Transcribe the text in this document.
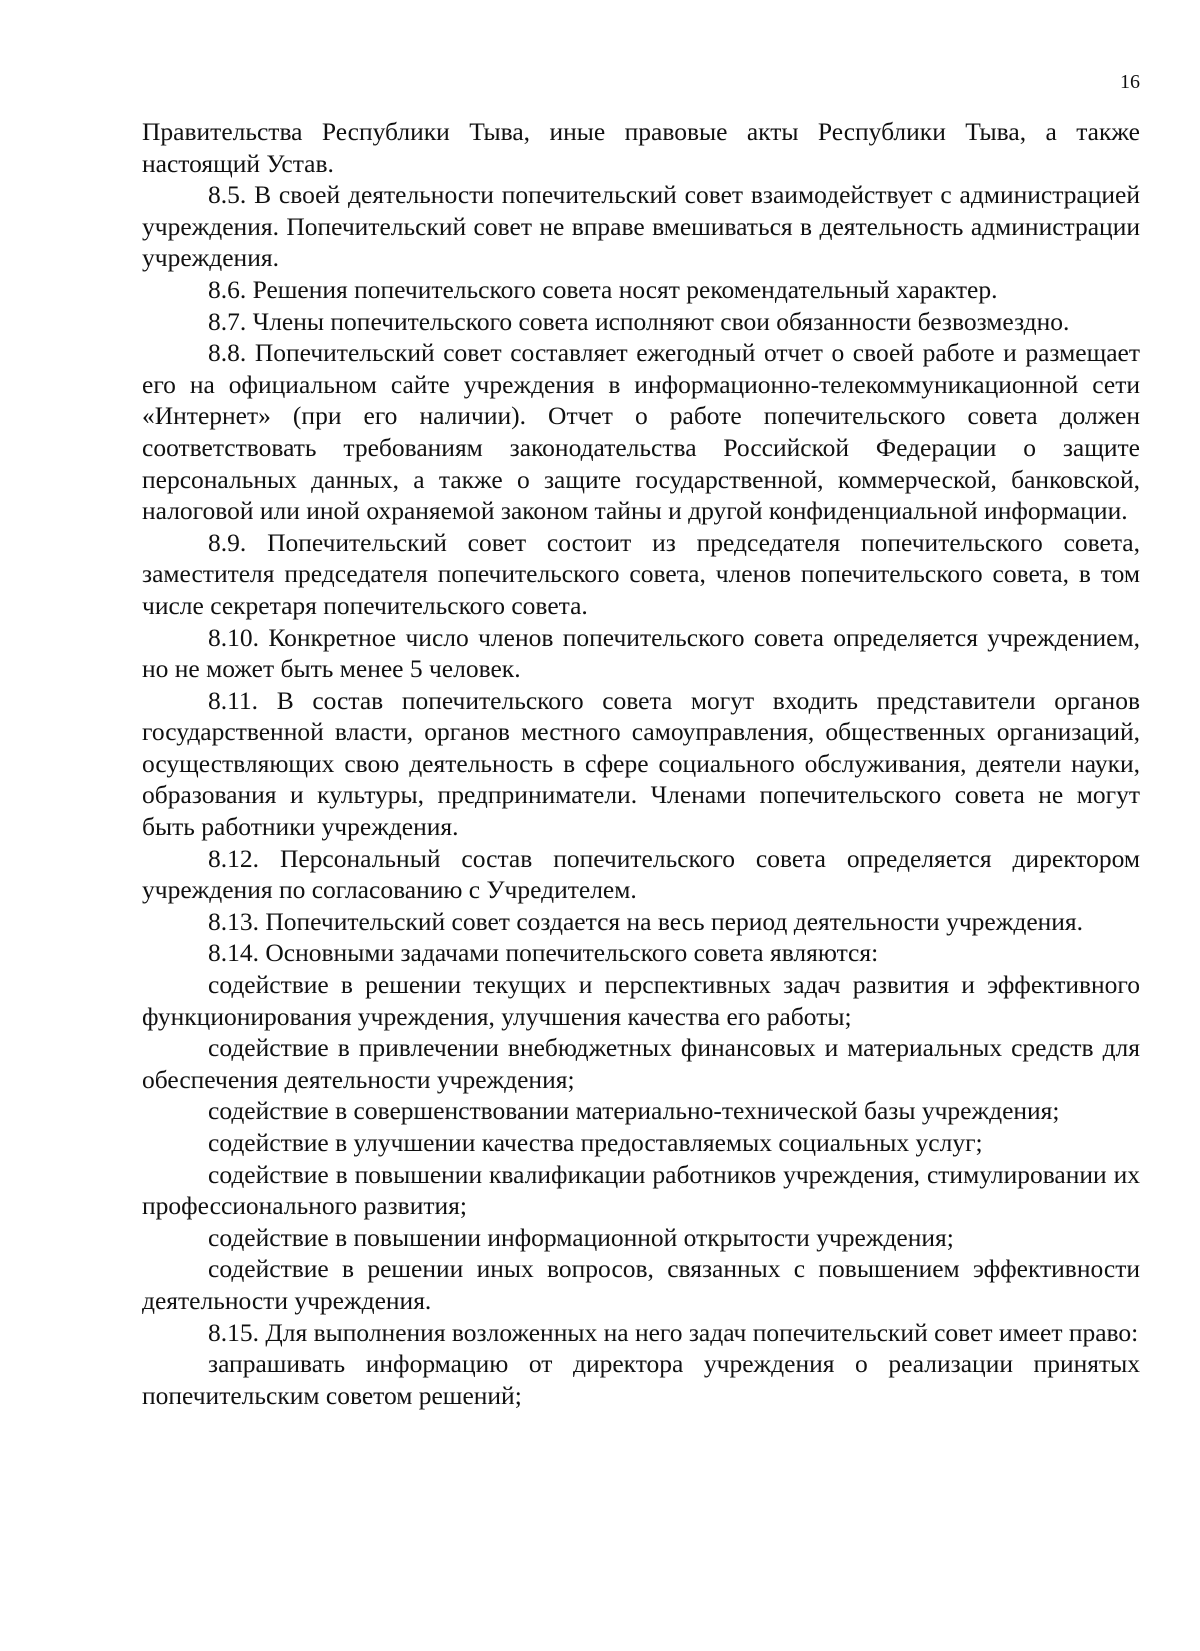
16

Правительства Республики Тыва, иные правовые акты Республики Тыва, а также настоящий Устав.

8.5. В своей деятельности попечительский совет взаимодействует с администрацией учреждения. Попечительский совет не вправе вмешиваться в деятельность администрации учреждения.

8.6. Решения попечительского совета носят рекомендательный характер.

8.7. Члены попечительского совета исполняют свои обязанности безвозмездно.

8.8. Попечительский совет составляет ежегодный отчет о своей работе и размещает его на официальном сайте учреждения в информационно-телекоммуникационной сети «Интернет» (при его наличии). Отчет о работе попечительского совета должен соответствовать требованиям законодательства Российской Федерации о защите персональных данных, а также о защите государственной, коммерческой, банковской, налоговой или иной охраняемой законом тайны и другой конфиденциальной информации.

8.9. Попечительский совет состоит из председателя попечительского совета, заместителя председателя попечительского совета, членов попечительского совета, в том числе секретаря попечительского совета.

8.10. Конкретное число членов попечительского совета определяется учреждением, но не может быть менее 5 человек.

8.11. В состав попечительского совета могут входить представители органов государственной власти, органов местного самоуправления, общественных организаций, осуществляющих свою деятельность в сфере социального обслуживания, деятели науки, образования и культуры, предприниматели. Членами попечительского совета не могут быть работники учреждения.

8.12. Персональный состав попечительского совета определяется директором учреждения по согласованию с Учредителем.

8.13. Попечительский совет создается на весь период деятельности учреждения.

8.14. Основными задачами попечительского совета являются:

содействие в решении текущих и перспективных задач развития и эффективного функционирования учреждения, улучшения качества его работы;

содействие в привлечении внебюджетных финансовых и материальных средств для обеспечения деятельности учреждения;

содействие в совершенствовании материально-технической базы учреждения;

содействие в улучшении качества предоставляемых социальных услуг;

содействие в повышении квалификации работников учреждения, стимулировании их профессионального развития;

содействие в повышении информационной открытости учреждения;

содействие в решении иных вопросов, связанных с повышением эффективности деятельности учреждения.

8.15. Для выполнения возложенных на него задач попечительский совет имеет право:

запрашивать информацию от директора учреждения о реализации принятых попечительским советом решений;
